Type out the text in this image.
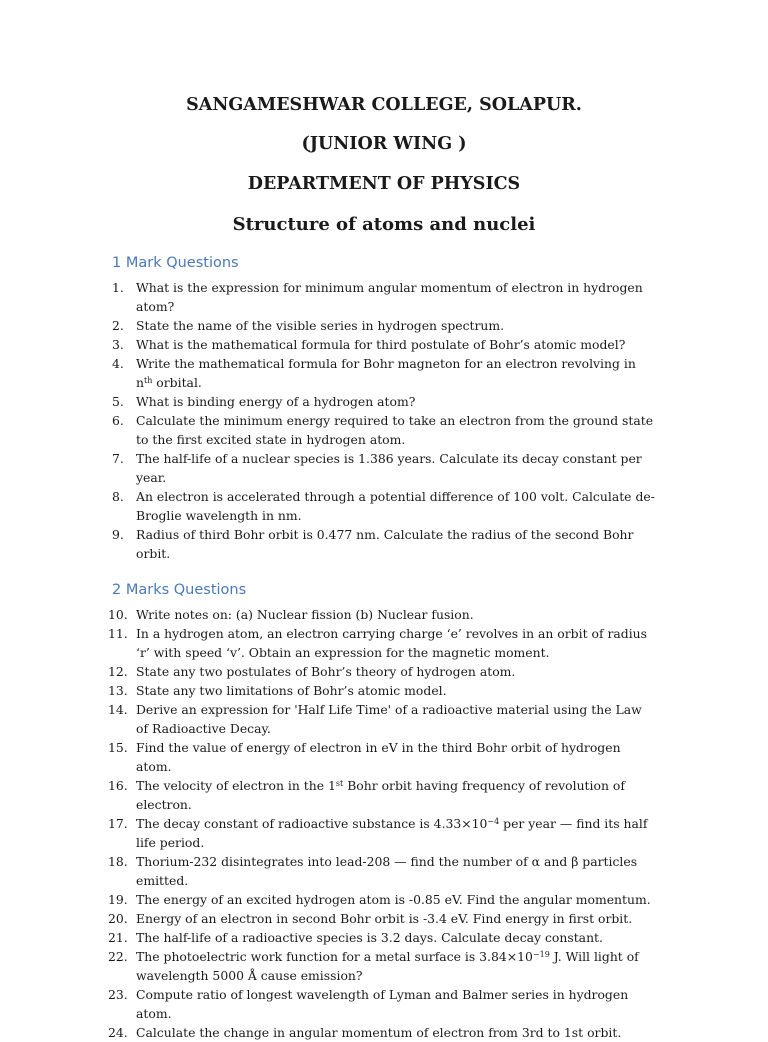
SANGAMESHWAR COLLEGE, SOLAPUR.

(JUNIOR WING )

DEPARTMENT OF PHYSICS

Structure of atoms and nuclei

1 Mark Questions
1. What is the expression for minimum angular momentum of electron in hydrogen atom?
2. State the name of the visible series in hydrogen spectrum.
3. What is the mathematical formula for third postulate of Bohr’s atomic model?
4. Write the mathematical formula for Bohr magneton for an electron revolving in $n^{th}$ orbital.
5. What is binding energy of a hydrogen atom?
6. Calculate the minimum energy required to take an electron from the ground state to the first excited state in hydrogen atom.
7. The half-life of a nuclear species is 1.386 years. Calculate its decay constant per year.
8. An electron is accelerated through a potential difference of 100 volt. Calculate de-Broglie wavelength in nm.
9. Radius of third Bohr orbit is 0.477 nm. Calculate the radius of the second Bohr orbit.
2 Marks Questions
10. Write notes on: (a) Nuclear fission (b) Nuclear fusion.
11. In a hydrogen atom, an electron carrying charge ‘e’ revolves in an orbit of radius ‘r’ with speed ‘v’. Obtain an expression for the magnetic moment.
12. State any two postulates of Bohr’s theory of hydrogen atom.
13. State any two limitations of Bohr’s atomic model.
14. Derive an expression for 'Half Life Time' of a radioactive material using the Law of Radioactive Decay.
15. Find the value of energy of electron in eV in the third Bohr orbit of hydrogen atom.
16. The velocity of electron in the 1st Bohr orbit having frequency of revolution of electron.
17. The decay constant of radioactive substance is $4.33\times 10^{-4}$ per year — find its half life period.
18. Thorium-232 disintegrates into lead-208 — find the number of α and β particles emitted.
19. The energy of an excited hydrogen atom is -0.85 eV. Find the angular momentum.
20. Energy of an electron in second Bohr orbit is -3.4 eV. Find energy in first orbit.
21. The half-life of a radioactive species is 3.2 days. Calculate decay constant.
22. The photoelectric work function for a metal surface is $3.84\times 10^{-19}$ J. Will light of wavelength 5000 Å cause emission?
23. Compute ratio of longest wavelength of Lyman and Balmer series in hydrogen atom.
24. Calculate the change in angular momentum of electron from 3rd to 1st orbit.
